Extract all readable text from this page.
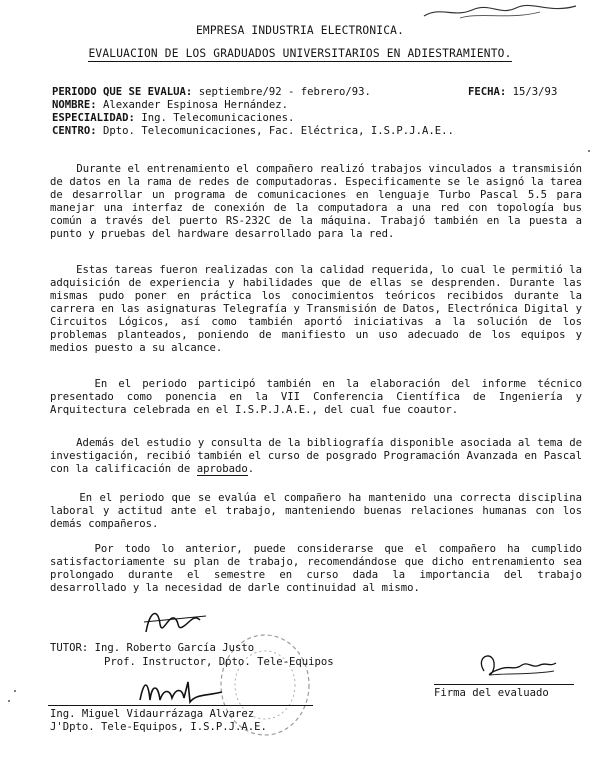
EMPRESA INDUSTRIA ELECTRONICA.
EVALUACION DE LOS GRADUADOS UNIVERSITARIOS EN ADIESTRAMIENTO.
PERIODO QUE SE EVALUA: septiembre/92 - febrero/93.	FECHA: 15/3/93
NOMBRE: Alexander Espinosa Hernández.
ESPECIALIDAD: Ing. Telecomunicaciones.
CENTRO: Dpto. Telecomunicaciones, Fac. Eléctrica, I.S.P.J.A.E..
Durante el entrenamiento el compañero realizó trabajos vinculados a transmisión de datos en la rama de redes de computadoras. Especificamente se le asignó la tarea de desarrollar un programa de comunicaciones en lenguaje Turbo Pascal 5.5 para manejar una interfaz de conexión de la computadora a una red con topología bus común a través del puerto RS-232C de la máquina. Trabajó también en la puesta a punto y pruebas del hardware desarrollado para la red.
Estas tareas fueron realizadas con la calidad requerida, lo cual le permitió la adquisición de experiencia y habilidades que de ellas se desprenden. Durante las mismas pudo poner en práctica los conocimientos teóricos recibidos durante la carrera en las asignaturas Telegrafía y Transmisión de Datos, Electrónica Digital y Circuitos Lógicos, así como también aportó iniciativas a la solución de los problemas planteados, poniendo de manifiesto un uso adecuado de los equipos y medios puesto a su alcance.
En el periodo participó también en la elaboración del informe técnico presentado como ponencia en la VII Conferencia Científica de Ingeniería y Arquitectura celebrada en el I.S.P.J.A.E., del cual fue coautor.
Además del estudio y consulta de la bibliografía disponible asociada al tema de investigación, recibió también el curso de posgrado Programación Avanzada en Pascal con la calificación de aprobado.
En el periodo que se evalúa el compañero ha mantenido una correcta disciplina laboral y actitud ante el trabajo, manteniendo buenas relaciones humanas con los demás compañeros.
Por todo lo anterior, puede considerarse que el compañero ha cumplido satisfactoriamente su plan de trabajo, recomendándose que dicho entrenamiento sea prolongado durante el semestre en curso dada la importancia del trabajo desarrollado y la necesidad de darle continuidad al mismo.
TUTOR: Ing. Roberto García Justo
Prof. Instructor, Dpto. Tele-Equipos
Firma del evaluado
Ing. Miguel Vidaurrázaga Alvarez
J'Dpto. Tele-Equipos, I.S.P.J.A.E.
